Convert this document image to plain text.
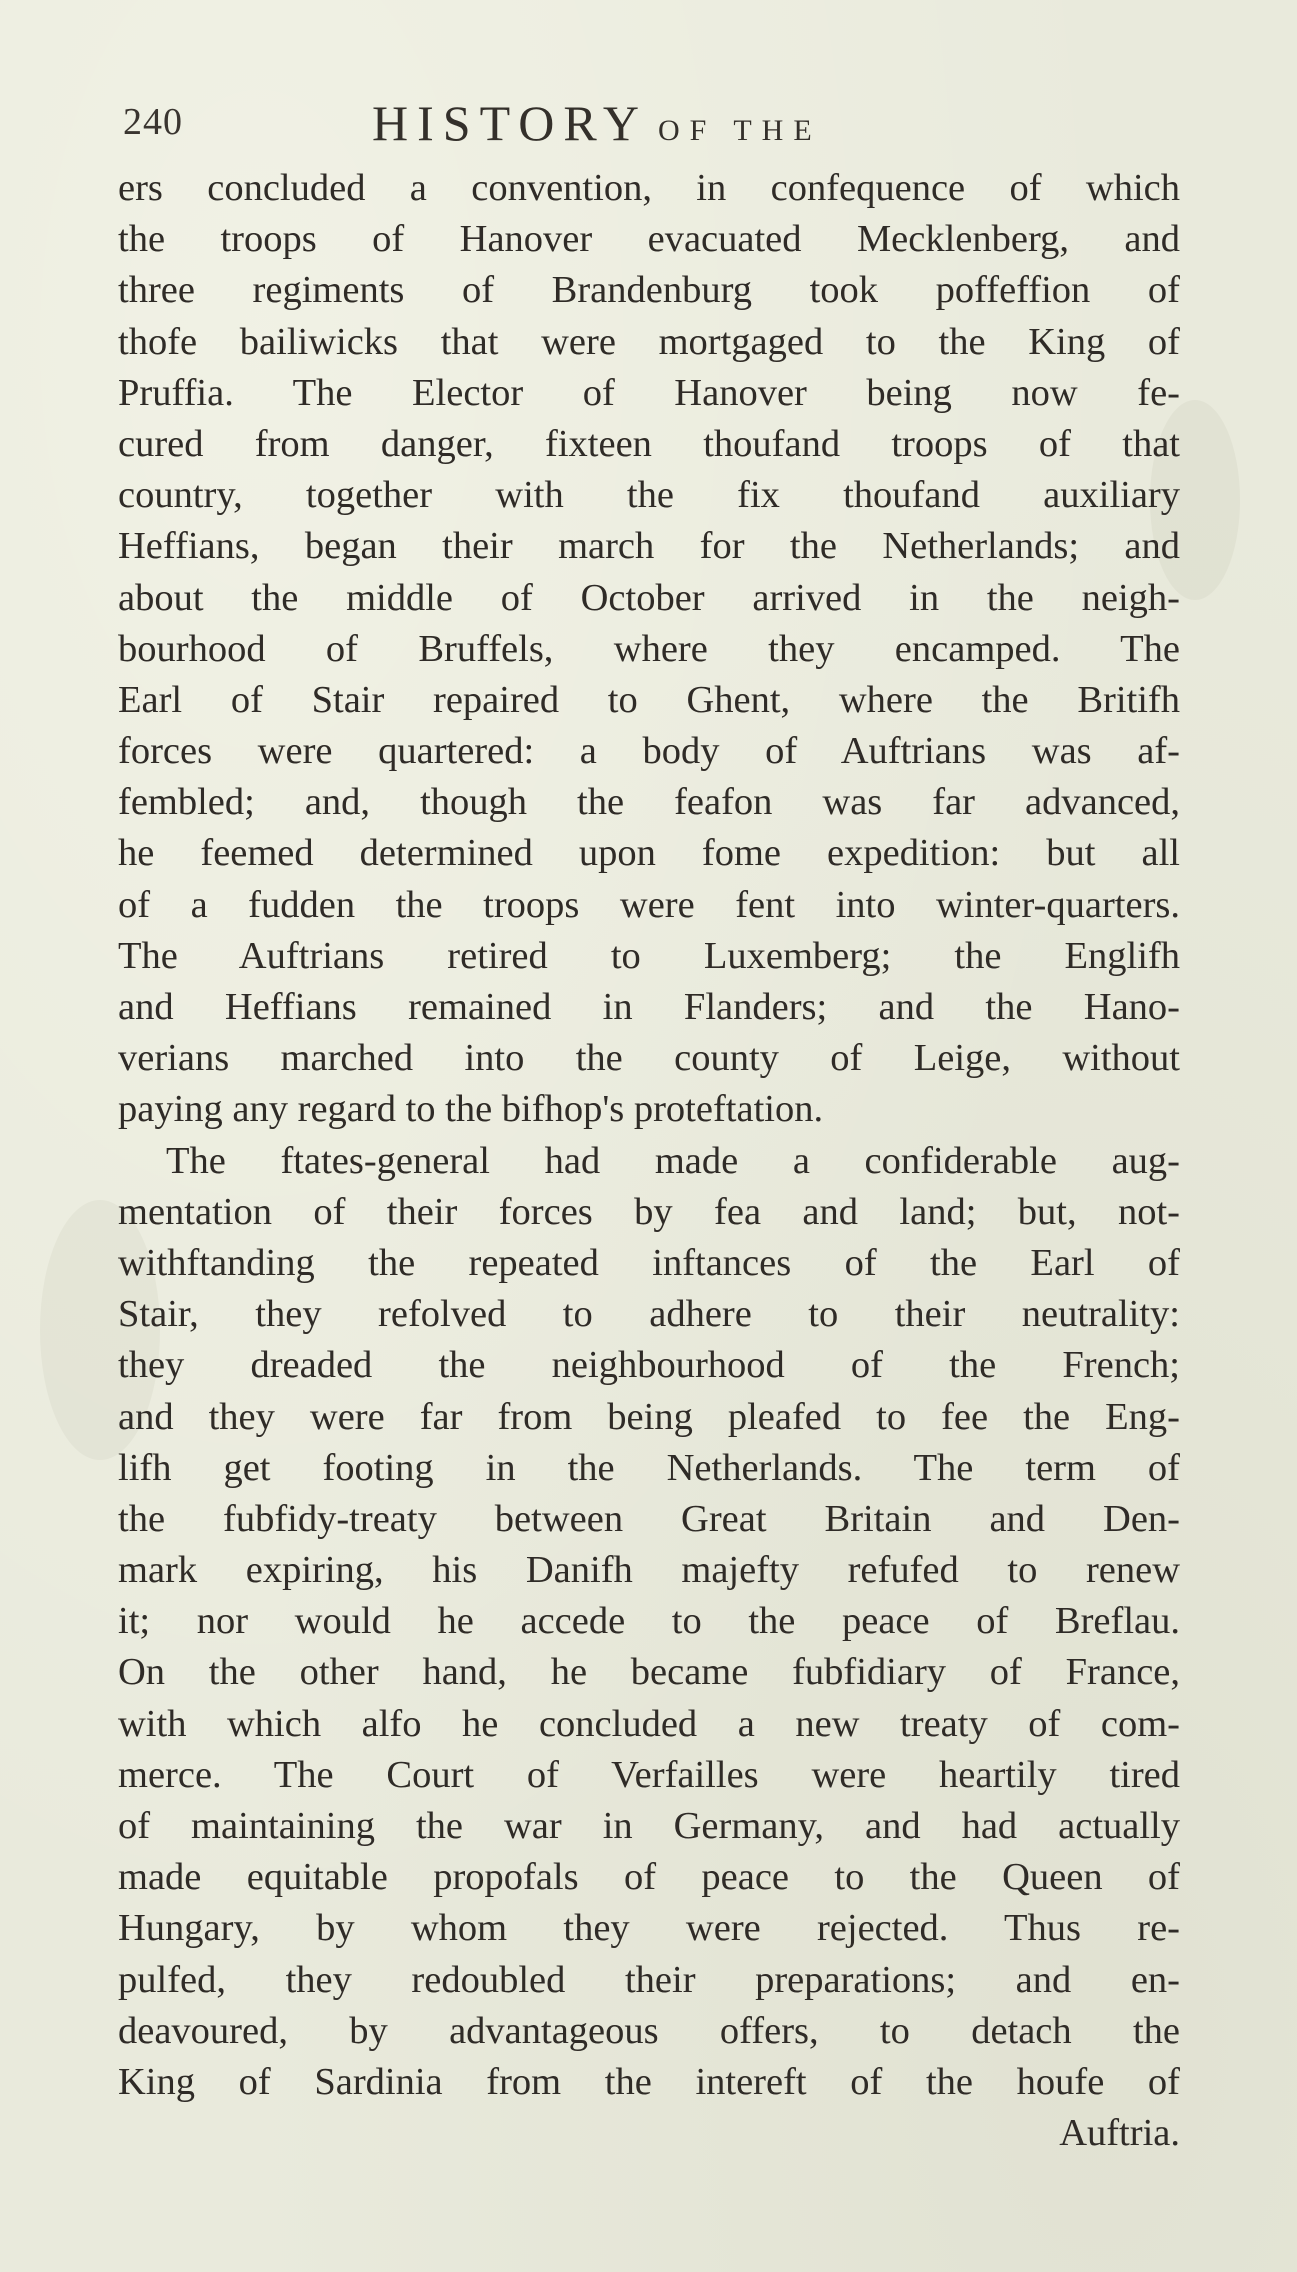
240	HISTORY OF THE
ers concluded a convention, in confequence of which
the troops of Hanover evacuated Mecklenberg, and
three regiments of Brandenburg took poffeffion of
thofe bailiwicks that were mortgaged to the King of
Pruffia. The Elector of Hanover being now fe-
cured from danger, fixteen thoufand troops of that
country, together with the fix thoufand auxiliary
Heffians, began their march for the Netherlands; and
about the middle of October arrived in the neigh-
bourhood of Bruffels, where they encamped. The
Earl of Stair repaired to Ghent, where the Britifh
forces were quartered: a body of Auftrians was af-
fembled; and, though the feafon was far advanced,
he feemed determined upon fome expedition: but all
of a fudden the troops were fent into winter-quarters.
The Auftrians retired to Luxemberg; the Englifh
and Heffians remained in Flanders; and the Hano-
verians marched into the county of Leige, without
paying any regard to the bifhop's proteftation.
The ftates-general had made a confiderable aug-
mentation of their forces by fea and land; but, not-
withftanding the repeated inftances of the Earl of
Stair, they refolved to adhere to their neutrality:
they dreaded the neighbourhood of the French;
and they were far from being pleafed to fee the Eng-
lifh get footing in the Netherlands. The term of
the fubfidy-treaty between Great Britain and Den-
mark expiring, his Danifh majefty refufed to renew
it; nor would he accede to the peace of Breflau.
On the other hand, he became fubfidiary of France,
with which alfo he concluded a new treaty of com-
merce. The Court of Verfailles were heartily tired
of maintaining the war in Germany, and had actually
made equitable propofals of peace to the Queen of
Hungary, by whom they were rejected. Thus re-
pulfed, they redoubled their preparations; and en-
deavoured, by advantageous offers, to detach the
King of Sardinia from the intereft of the houfe of
Auftria.
